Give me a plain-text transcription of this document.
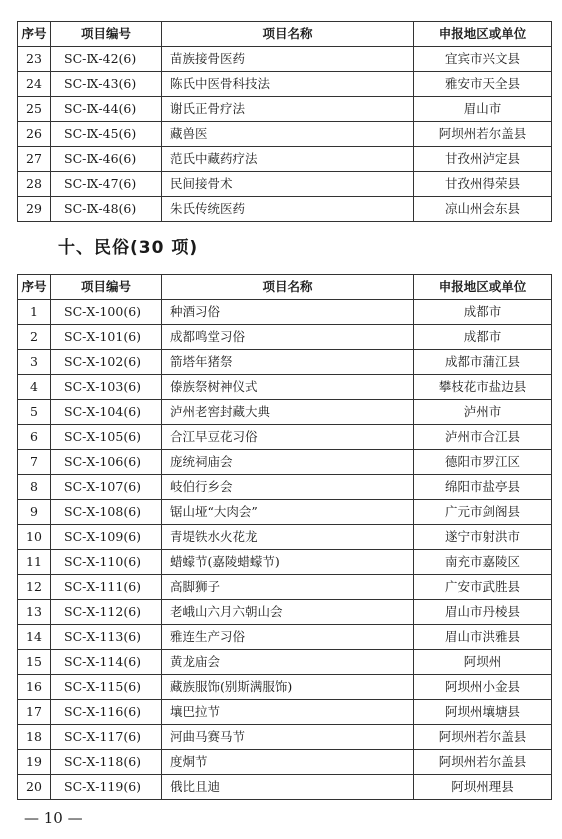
序号	项目编号	项目名称	申报地区或单位
23	SC-Ⅸ-42(6)	苗族接骨医药	宜宾市兴文县
24	SC-Ⅸ-43(6)	陈氏中医骨科技法	雅安市天全县
25	SC-Ⅸ-44(6)	谢氏正骨疗法	眉山市
26	SC-Ⅸ-45(6)	藏兽医	阿坝州若尔盖县
27	SC-Ⅸ-46(6)	范氏中藏药疗法	甘孜州泸定县
28	SC-Ⅸ-47(6)	民间接骨术	甘孜州得荣县
29	SC-Ⅸ-48(6)	朱氏传统医药	凉山州会东县
十、民俗(30 项)
序号	项目编号	项目名称	申报地区或单位
1	SC-Ⅹ-100(6)	种酒习俗	成都市
2	SC-Ⅹ-101(6)	成都鸣堂习俗	成都市
3	SC-Ⅹ-102(6)	箭塔年猪祭	成都市蒲江县
4	SC-Ⅹ-103(6)	傣族祭树神仪式	攀枝花市盐边县
5	SC-Ⅹ-104(6)	泸州老窖封藏大典	泸州市
6	SC-Ⅹ-105(6)	合江早豆花习俗	泸州市合江县
7	SC-Ⅹ-106(6)	庞统祠庙会	德阳市罗江区
8	SC-Ⅹ-107(6)	岐伯行乡会	绵阳市盐亭县
9	SC-Ⅹ-108(6)	锯山垭“大肉会”	广元市剑阁县
10	SC-Ⅹ-109(6)	青堤铁水火花龙	遂宁市射洪市
11	SC-Ⅹ-110(6)	蜡蠓节(嘉陵蜡蠓节)	南充市嘉陵区
12	SC-Ⅹ-111(6)	高脚狮子	广安市武胜县
13	SC-Ⅹ-112(6)	老峨山六月六朝山会	眉山市丹棱县
14	SC-Ⅹ-113(6)	雅连生产习俗	眉山市洪雅县
15	SC-Ⅹ-114(6)	黄龙庙会	阿坝州
16	SC-Ⅹ-115(6)	藏族服饰(别斯满服饰)	阿坝州小金县
17	SC-Ⅹ-116(6)	壤巴拉节	阿坝州壤塘县
18	SC-Ⅹ-117(6)	河曲马赛马节	阿坝州若尔盖县
19	SC-Ⅹ-118(6)	度烔节	阿坝州若尔盖县
20	SC-Ⅹ-119(6)	俄比且迪	阿坝州理县
— 10 —
